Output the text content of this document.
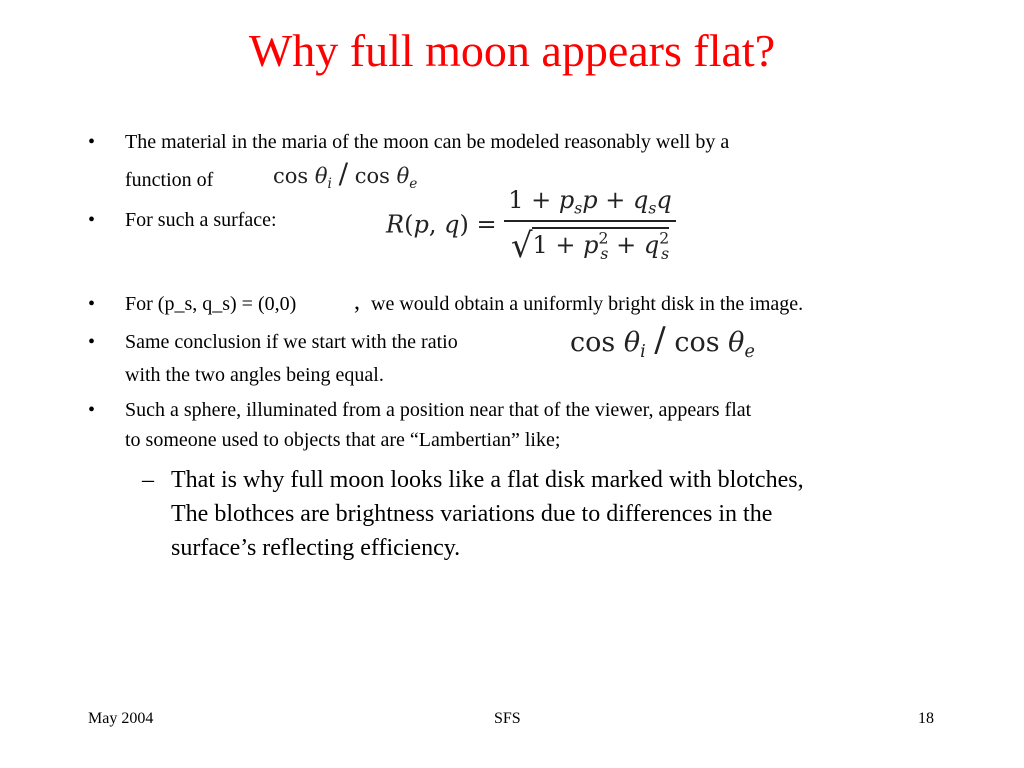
Why full moon appears flat?
• The material in the maria of the moon can be modeled reasonably well by a
function of	$\cos \theta_i$ / $\cos \theta_e$
• For such a surface:	R(p, $q) = \frac{1 + p_sp + q_sq}{√1 + p^2_s + q^2_s}$
• For (p_s, q_s) = (0,0) , we would obtain a uniformly bright disk in the image.
• Same conclusion if we start with the ratio
with the two angles being equal.
$\cos \theta_i$ / $\cos \theta_e$
• Such a sphere, illuminated from a position near that of the viewer, appears flat
to someone used to objects that are “Lambertian” like;
– That is why full moon looks like a flat disk marked with blotches,
The blothces are brightness variations due to differences in the
surface’s reflecting efficiency.
May 2004	SFS	18
